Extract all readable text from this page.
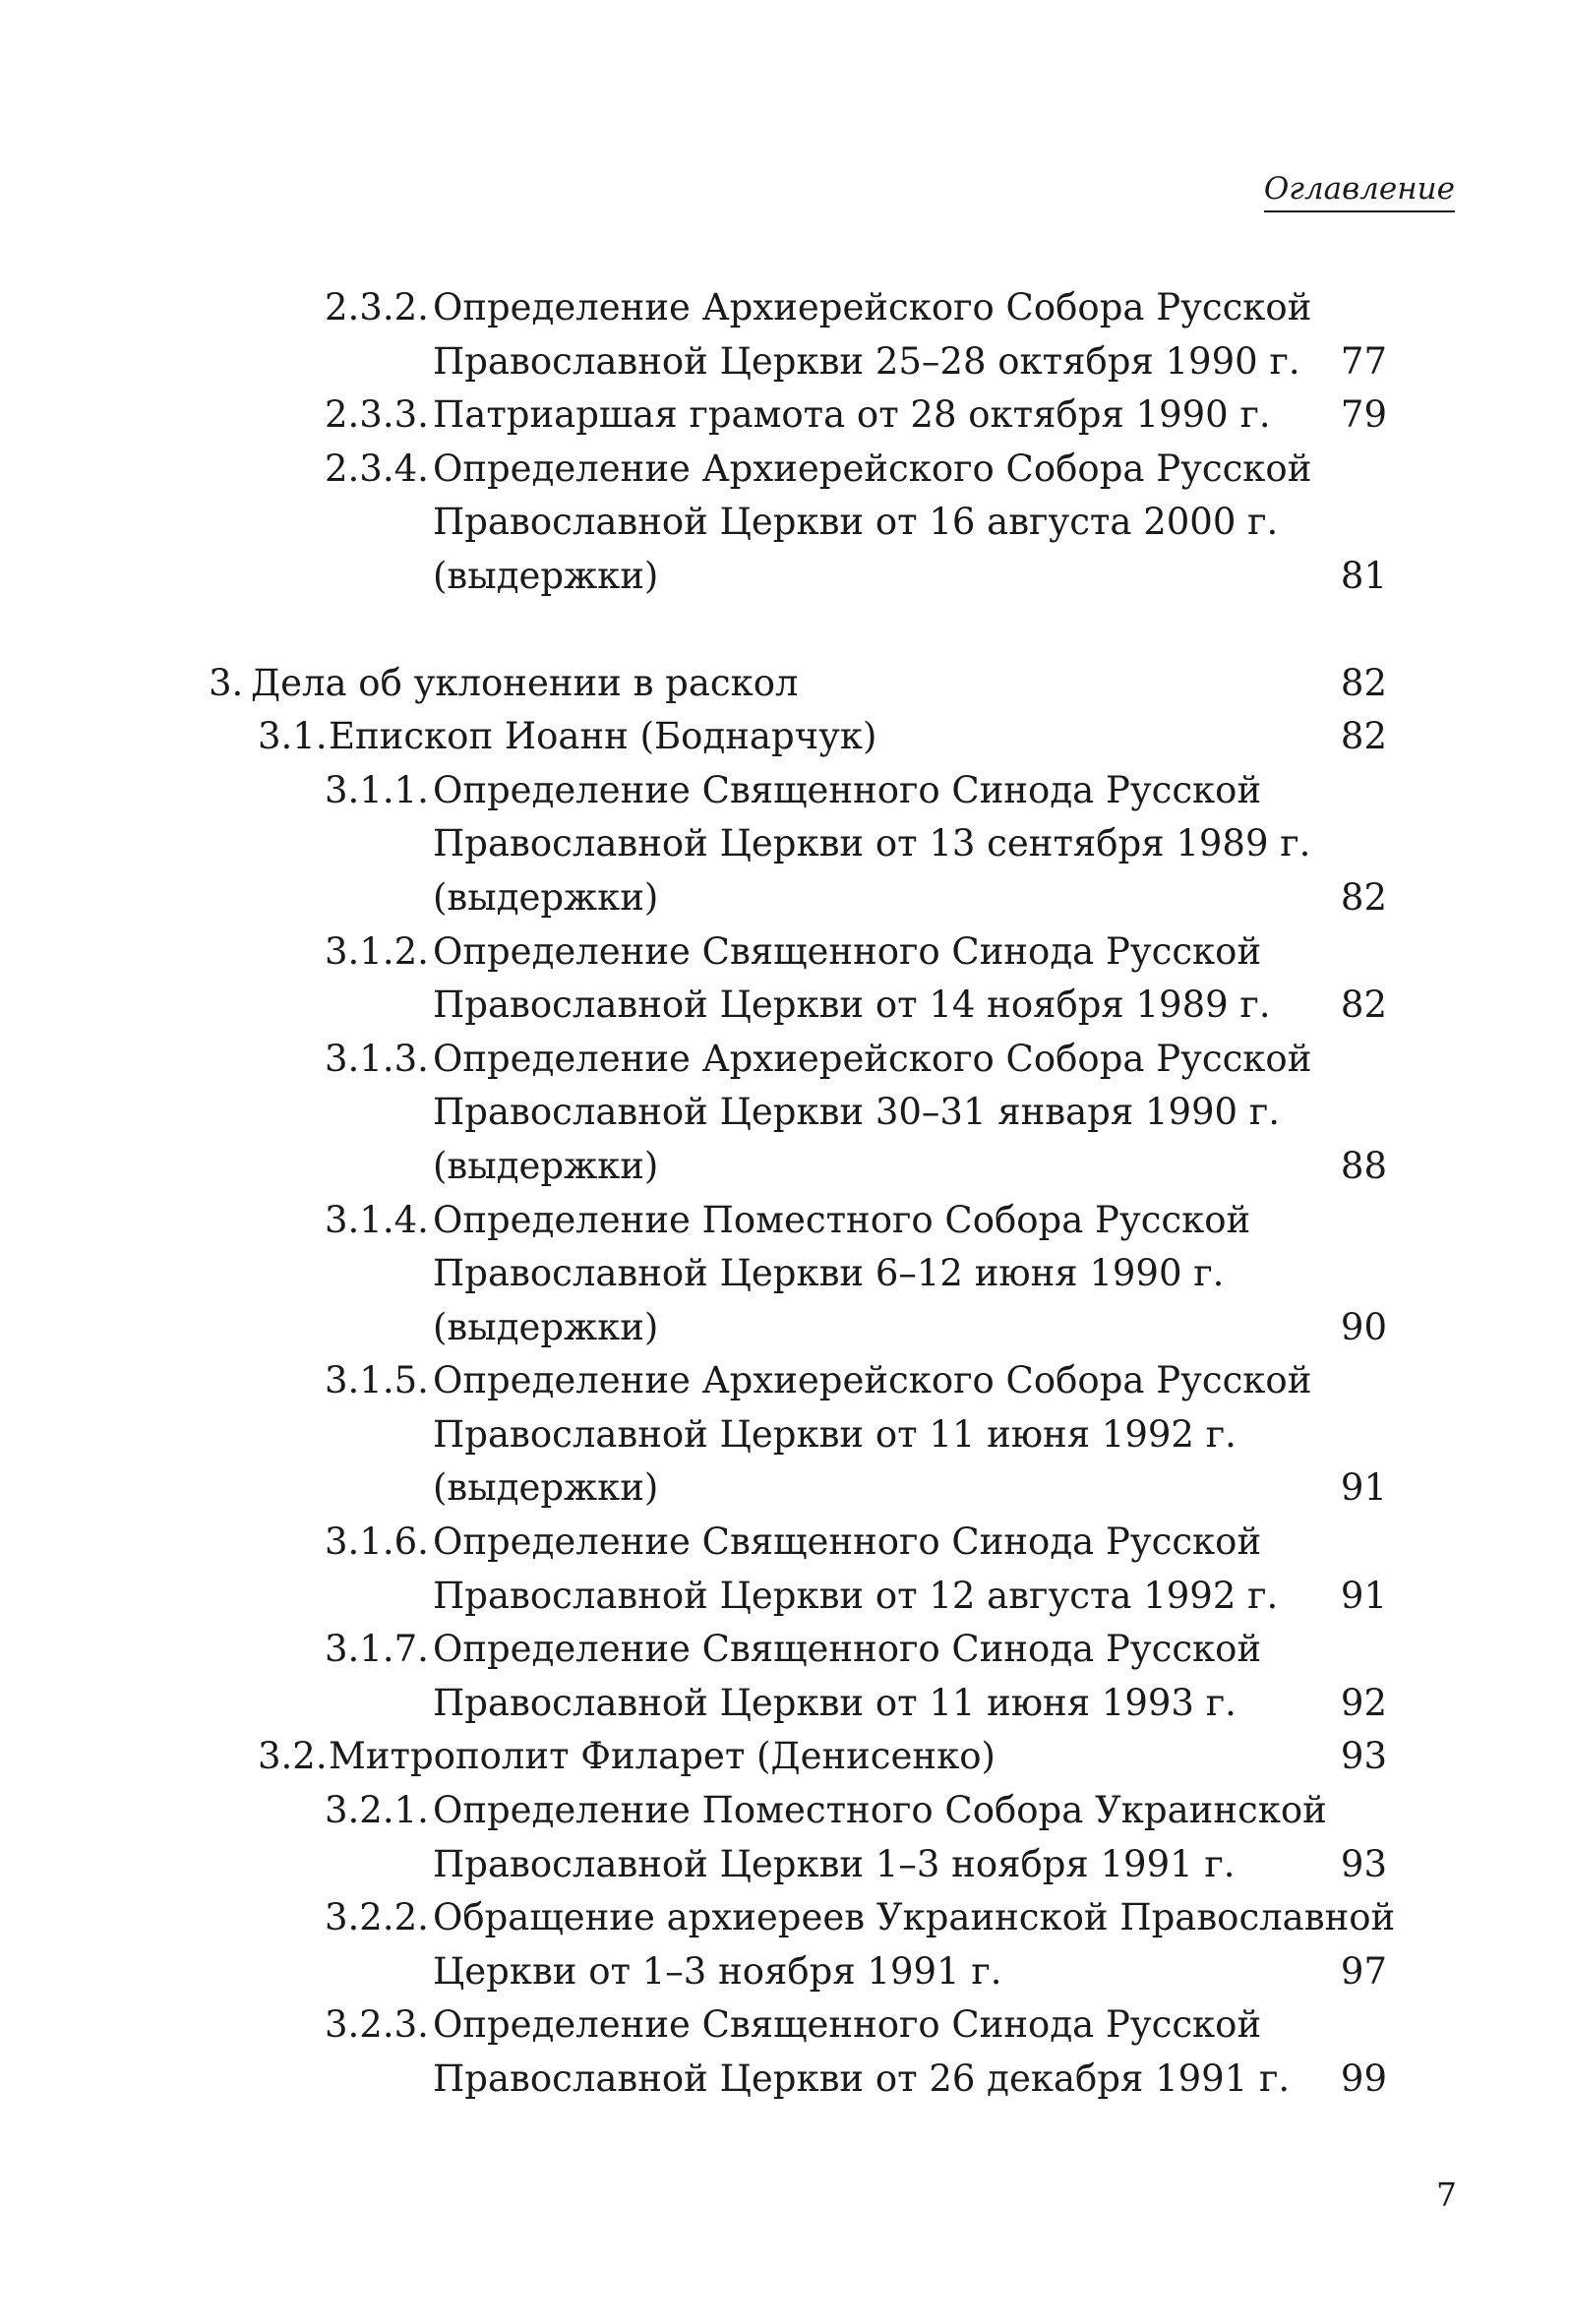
Оглавление
2.3.2. Определение Архиерейского Собора Русской
Православной Церкви 25–28 октября 1990 г. 77
2.3.3. Патриаршая грамота от 28 октября 1990 г. 79
2.3.4. Определение Архиерейского Собора Русской
Православной Церкви от 16 августа 2000 г.
(выдержки)	81
3. Дела об уклонении в раскол	82
3.1. Епископ Иоанн (Боднарчук)	82
3.1.1. Определение Священного Синода Русской
Православной Церкви от 13 сентября 1989 г.
(выдержки)	82
3.1.2. Определение Священного Синода Русской
Православной Церкви от 14 ноября 1989 г. 82
3.1.3. Определение Архиерейского Собора Русской
Православной Церкви 30–31 января 1990 г.
(выдержки)	88
3.1.4. Определение Поместного Собора Русской
Православной Церкви 6–12 июня 1990 г.
(выдержки)	90
3.1.5. Определение Архиерейского Собора Русской
Православной Церкви от 11 июня 1992 г.
(выдержки)	91
3.1.6. Определение Священного Синода Русской
Православной Церкви от 12 августа 1992 г. 91
3.1.7. Определение Священного Синода Русской
Православной Церкви от 11 июня 1993 г.	92
3.2. Митрополит Филарет (Денисенко)	93
3.2.1. Определение Поместного Собора Украинской
Православной Церкви 1–3 ноября 1991 г.	93
3.2.2. Обращение архиереев Украинской Православной
Церкви от 1–3 ноября 1991 г.	97
3.2.3. Определение Священного Синода Русской
Православной Церкви от 26 декабря 1991 г. 99
7
